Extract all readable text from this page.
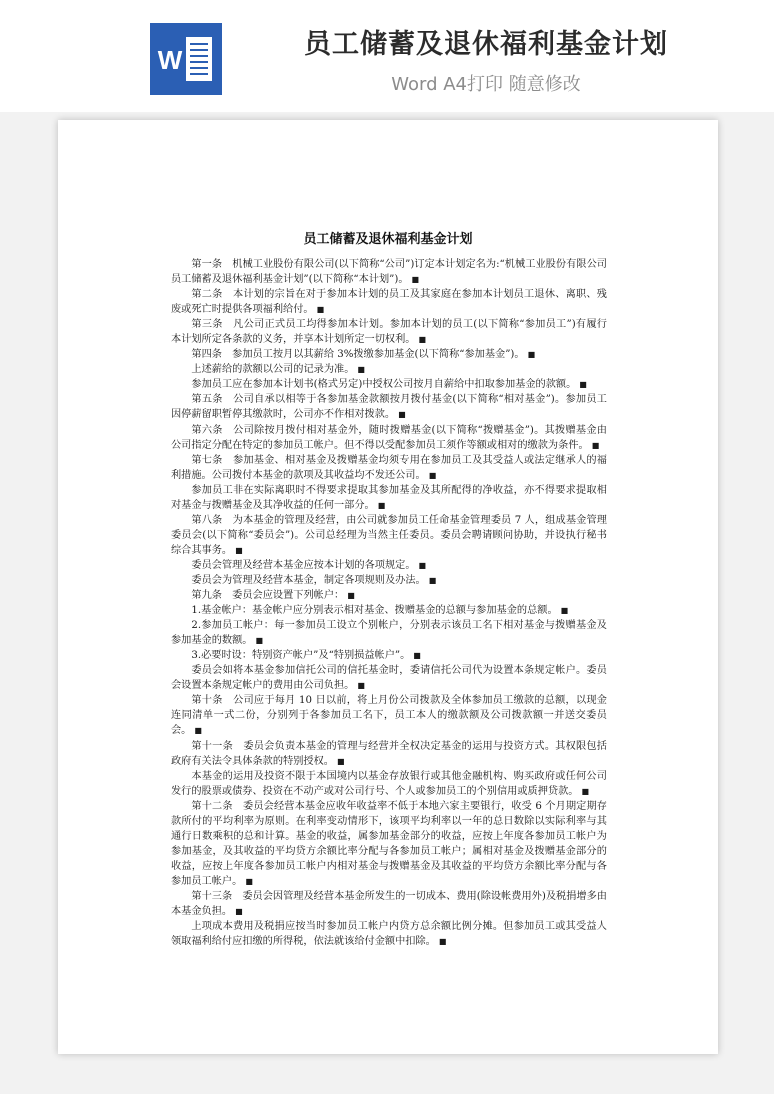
W	员工储蓄及退休福利基金计划
Word A4打印 随意修改
员工储蓄及退休福利基金计划

第一条　机械工业股份有限公司(以下简称“公司”)订定本计划定名为:“机械工业股份有限公司员工储蓄及退休福利基金计划”(以下简称“本计划”)。 ■

第二条　本计划的宗旨在对于参加本计划的员工及其家庭在参加本计划员工退休、离职、残废或死亡时提供各项福利给付。 ■

第三条　凡公司正式员工均得参加本计划。参加本计划的员工(以下简称“参加员工”)有履行本计划所定各条款的义务，并享本计划所定一切权利。 ■

第四条　参加员工按月以其薪给 3%拨缴参加基金(以下简称“参加基金”)。 ■

上述薪给的款额以公司的记录为准。 ■

参加员工应在参加本计划书(格式另定)中授权公司按月自薪给中扣取参加基金的款额。 ■

第五条　公司自承以相等于各参加基金款额按月拨付基金(以下简称“相对基金”)。参加员工因停薪留职暂停其缴款时，公司亦不作相对拨款。 ■

第六条　公司除按月拨付相对基金外，随时拨赠基金(以下简称“拨赠基金”)。其拨赠基金由公司指定分配在特定的参加员工帐户。但不得以受配参加员工须作等额或相对的缴款为条件。 ■

第七条　参加基金、相对基金及拨赠基金均须专用在参加员工及其受益人或法定继承人的福利措施。公司拨付本基金的款项及其收益均不发还公司。 ■

参加员工非在实际离职时不得要求提取其参加基金及其所配得的净收益，亦不得要求提取相对基金与拨赠基金及其净收益的任何一部分。 ■

第八条　为本基金的管理及经营，由公司就参加员工任命基金管理委员 7 人，组成基金管理委员会(以下简称“委员会”)。公司总经理为当然主任委员。委员会聘请顾问协助，并设执行秘书综合其事务。 ■

委员会管理及经营本基金应按本计划的各项规定。 ■

委员会为管理及经营本基金，制定各项规则及办法。 ■

第九条　委员会应设置下列帐户： ■

1.基金帐户：基金帐户应分别表示相对基金、拨赠基金的总额与参加基金的总额。 ■

2.参加员工帐户：每一参加员工设立个别帐户，分别表示该员工名下相对基金与拨赠基金及参加基金的数额。 ■

3.必要时设：特别资产帐户”及“特别损益帐户”。 ■

委员会如将本基金参加信托公司的信托基金时，委请信托公司代为设置本条规定帐户。委员会设置本条规定帐户的费用由公司负担。 ■

第十条　公司应于每月 10 日以前，将上月份公司拨款及全体参加员工缴款的总额，以现金连同清单一式二份，分别列于各参加员工名下，员工本人的缴款额及公司拨款额一并送交委员会。 ■

第十一条　委员会负责本基金的管理与经营并全权决定基金的运用与投资方式。其权限包括政府有关法令具体条款的特别授权。 ■

本基金的运用及投资不限于本国境内以基金存放银行或其他金融机构、购买政府或任何公司发行的股票或债券、投资在不动产或对公司行号、个人或参加员工的个别信用或质押贷款。 ■

第十二条　委员会经营本基金应收年收益率不低于本地六家主要银行，收受 6 个月期定期存款所付的平均利率为原则。在利率变动情形下，该项平均利率以一年的总日数除以实际利率与其通行日数乘积的总和计算。基金的收益，属参加基金部分的收益，应按上年度各参加员工帐户为参加基金，及其收益的平均贷方余额比率分配与各参加员工帐户；属相对基金及拨赠基金部分的收益，应按上年度各参加员工帐户内相对基金与拨赠基金及其收益的平均贷方余额比率分配与各参加员工帐户。 ■

第十三条　委员会因管理及经营本基金所发生的一切成本、费用(除设帐费用外)及税捐增多由本基金负担。 ■

上项成本费用及税捐应按当时参加员工帐户内贷方总余额比例分摊。但参加员工或其受益人领取福利给付应扣缴的所得税，依法就该给付金额中扣除。 ■
